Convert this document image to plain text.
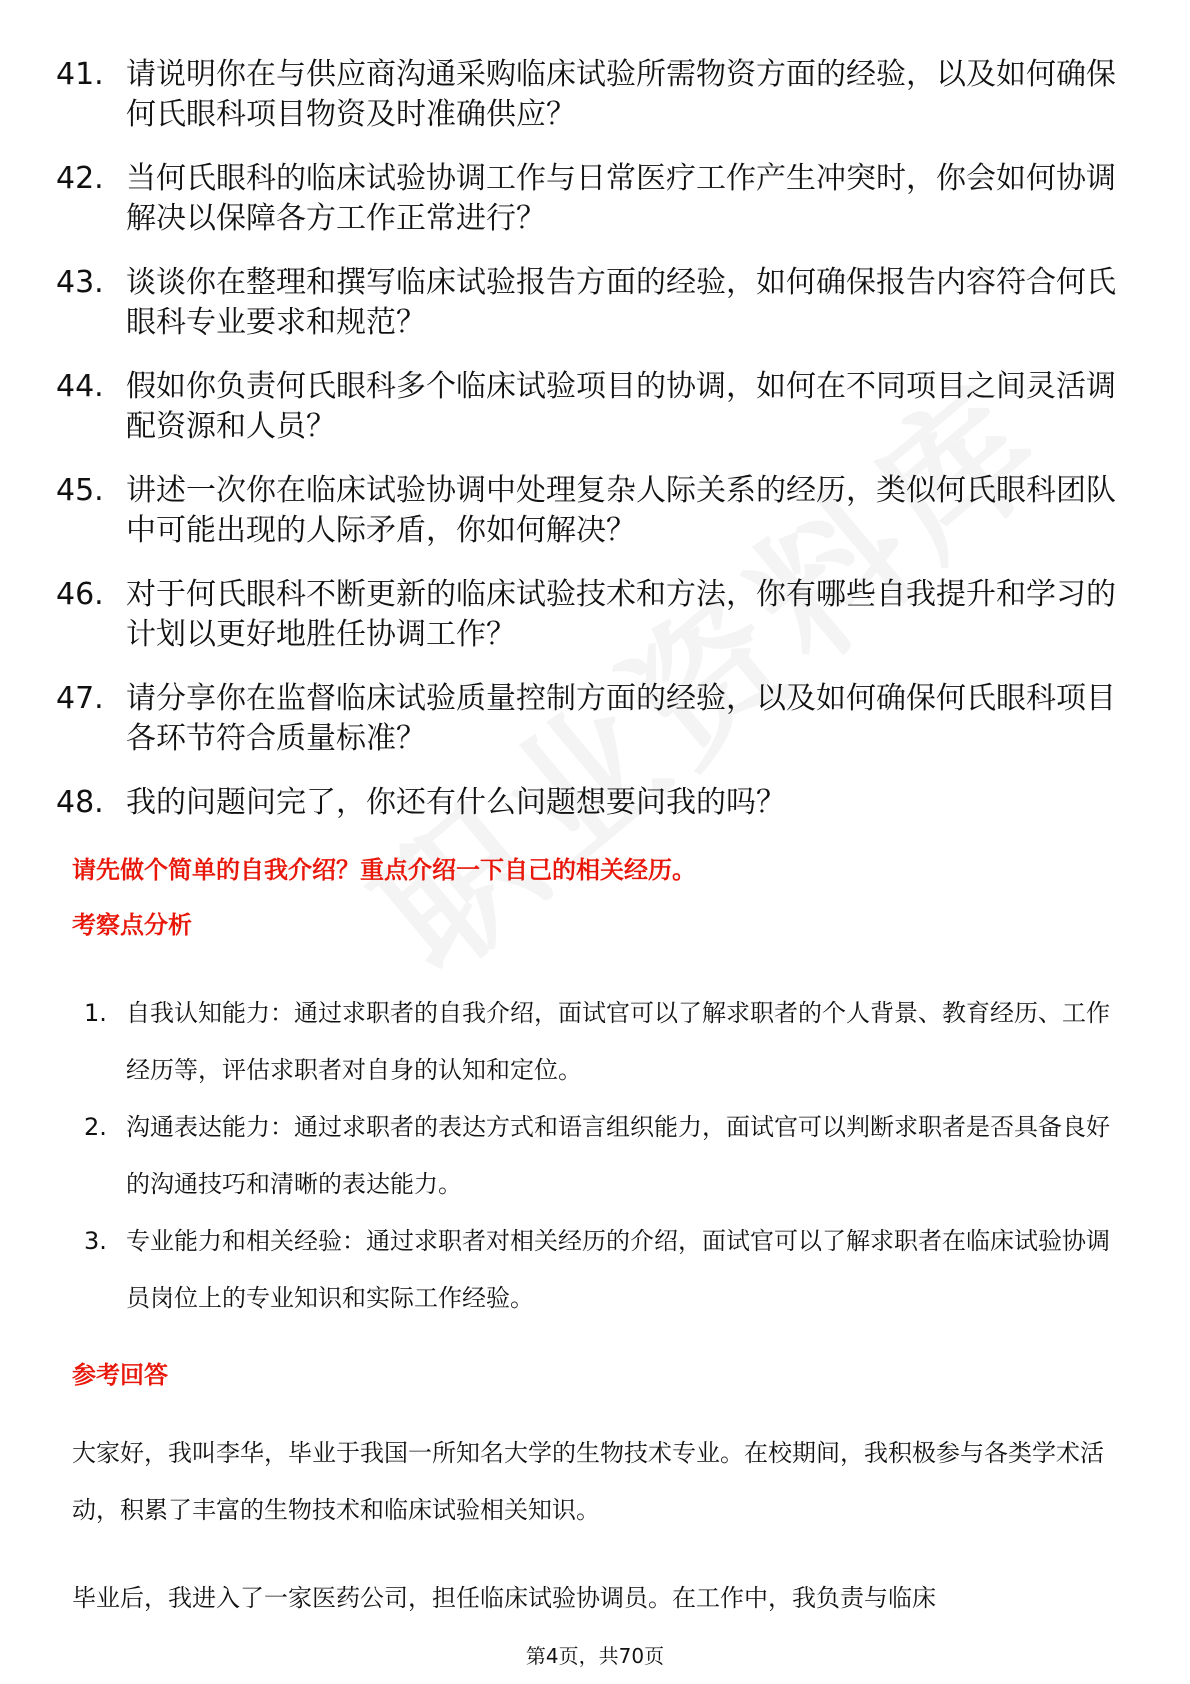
41. 请说明你在与供应商沟通采购临床试验所需物资方面的经验，以及如何确保何氏眼科项目物资及时准确供应？
42. 当何氏眼科的临床试验协调工作与日常医疗工作产生冲突时，你会如何协调解决以保障各方工作正常进行？
43. 谈谈你在整理和撰写临床试验报告方面的经验，如何确保报告内容符合何氏眼科专业要求和规范？
44. 假如你负责何氏眼科多个临床试验项目的协调，如何在不同项目之间灵活调配资源和人员？
45. 讲述一次你在临床试验协调中处理复杂人际关系的经历，类似何氏眼科团队中可能出现的人际矛盾，你如何解决？
46. 对于何氏眼科不断更新的临床试验技术和方法，你有哪些自我提升和学习的计划以更好地胜任协调工作？
47. 请分享你在监督临床试验质量控制方面的经验，以及如何确保何氏眼科项目各环节符合质量标准？
48. 我的问题问完了，你还有什么问题想要问我的吗？
请先做个简单的自我介绍？重点介绍一下自己的相关经历。
考察点分析
1. 自我认知能力：通过求职者的自我介绍，面试官可以了解求职者的个人背景、教育经历、工作经历等，评估求职者对自身的认知和定位。
2. 沟通表达能力：通过求职者的表达方式和语言组织能力，面试官可以判断求职者是否具备良好的沟通技巧和清晰的表达能力。
3. 专业能力和相关经验：通过求职者对相关经历的介绍，面试官可以了解求职者在临床试验协调员岗位上的专业知识和实际工作经验。
参考回答
大家好，我叫李华，毕业于我国一所知名大学的生物技术专业。在校期间，我积极参与各类学术活动，积累了丰富的生物技术和临床试验相关知识。
毕业后，我进入了一家医药公司，担任临床试验协调员。在工作中，我负责与临床
第4页，共70页
